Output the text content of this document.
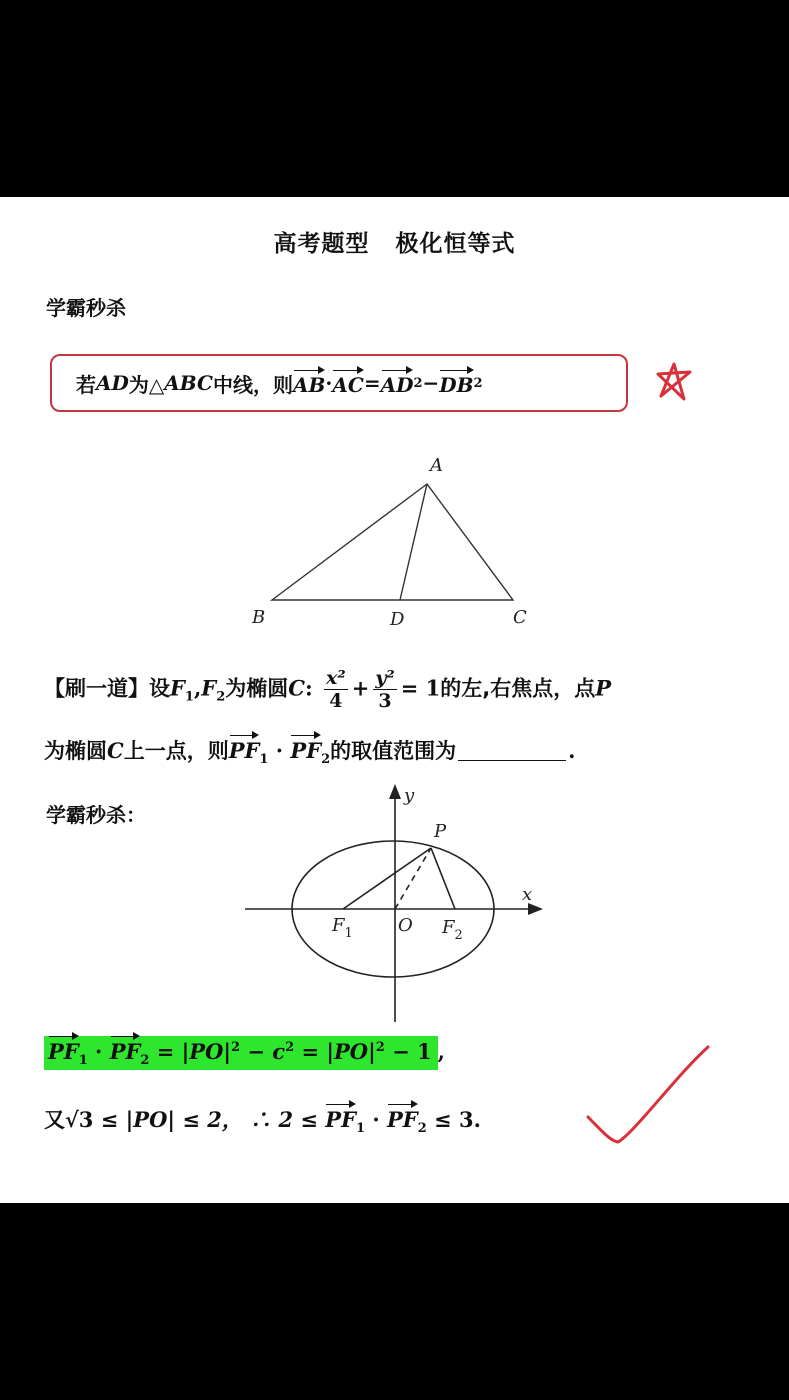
高考题型 极化恒等式
学霸秒杀
若 AD 为△ ABC 中线，则 AB · AC = AD 2 − DB 2
A
B	C
D
【刷一道】设$F_1,F_2$为椭圆C: $\frac{\text{x²}}{4} + \frac{\text{y²}}{3} = 1$的左,右焦点，点P
为椭圆C上一点，则$PF_1 \cdot PF_2$的取值范围为	.
学霸秒杀：
y
x
P
$F_1$	O $F_2$
$PF_1 \cdot PF_2 = |PO|^2 - c^2 = |PO|^2 - 1$ ,
又√3 ≤ |PO| ≤ 2， ∴ $2 \le PF_1 \cdot PF_2 \le 3$.
